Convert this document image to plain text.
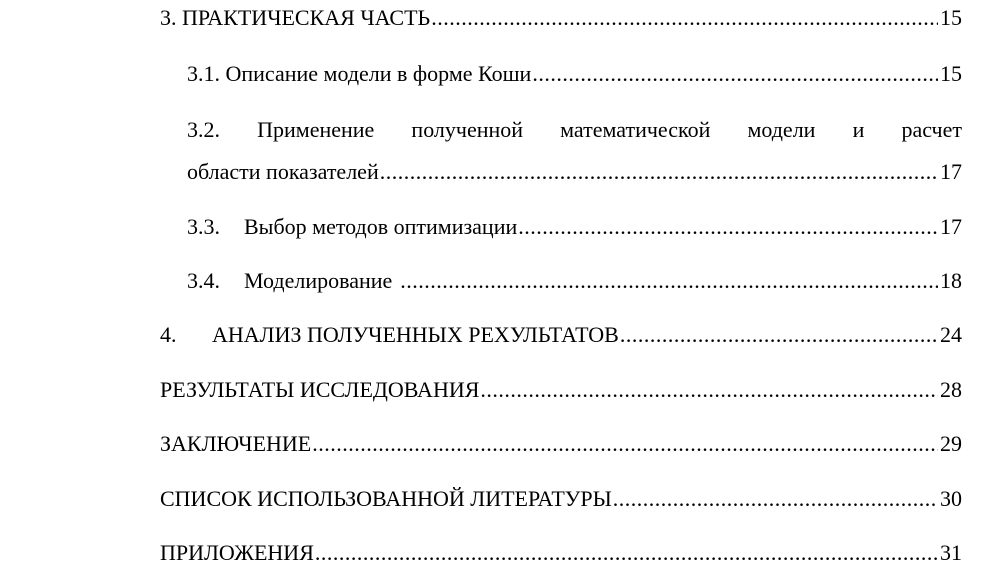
3. ПРАКТИЧЕСКАЯ ЧАСТЬ .....	15
3.1. Описание модели в форме Коши .....	15
3.2. Применение полученной математической модели и расчет
области показателей .....	17
3.3.	Выбор методов оптимизации .....	17
3.4.	Моделирование .....	18
4.	АНАЛИЗ ПОЛУЧЕННЫХ РЕХУЛЬТАТОВ .....	24
РЕЗУЛЬТАТЫ ИССЛЕДОВАНИЯ .....	28
ЗАКЛЮЧЕНИЕ .....	29
СПИСОК ИСПОЛЬЗОВАННОЙ ЛИТЕРАТУРЫ .....	30
ПРИЛОЖЕНИЯ .....	31
